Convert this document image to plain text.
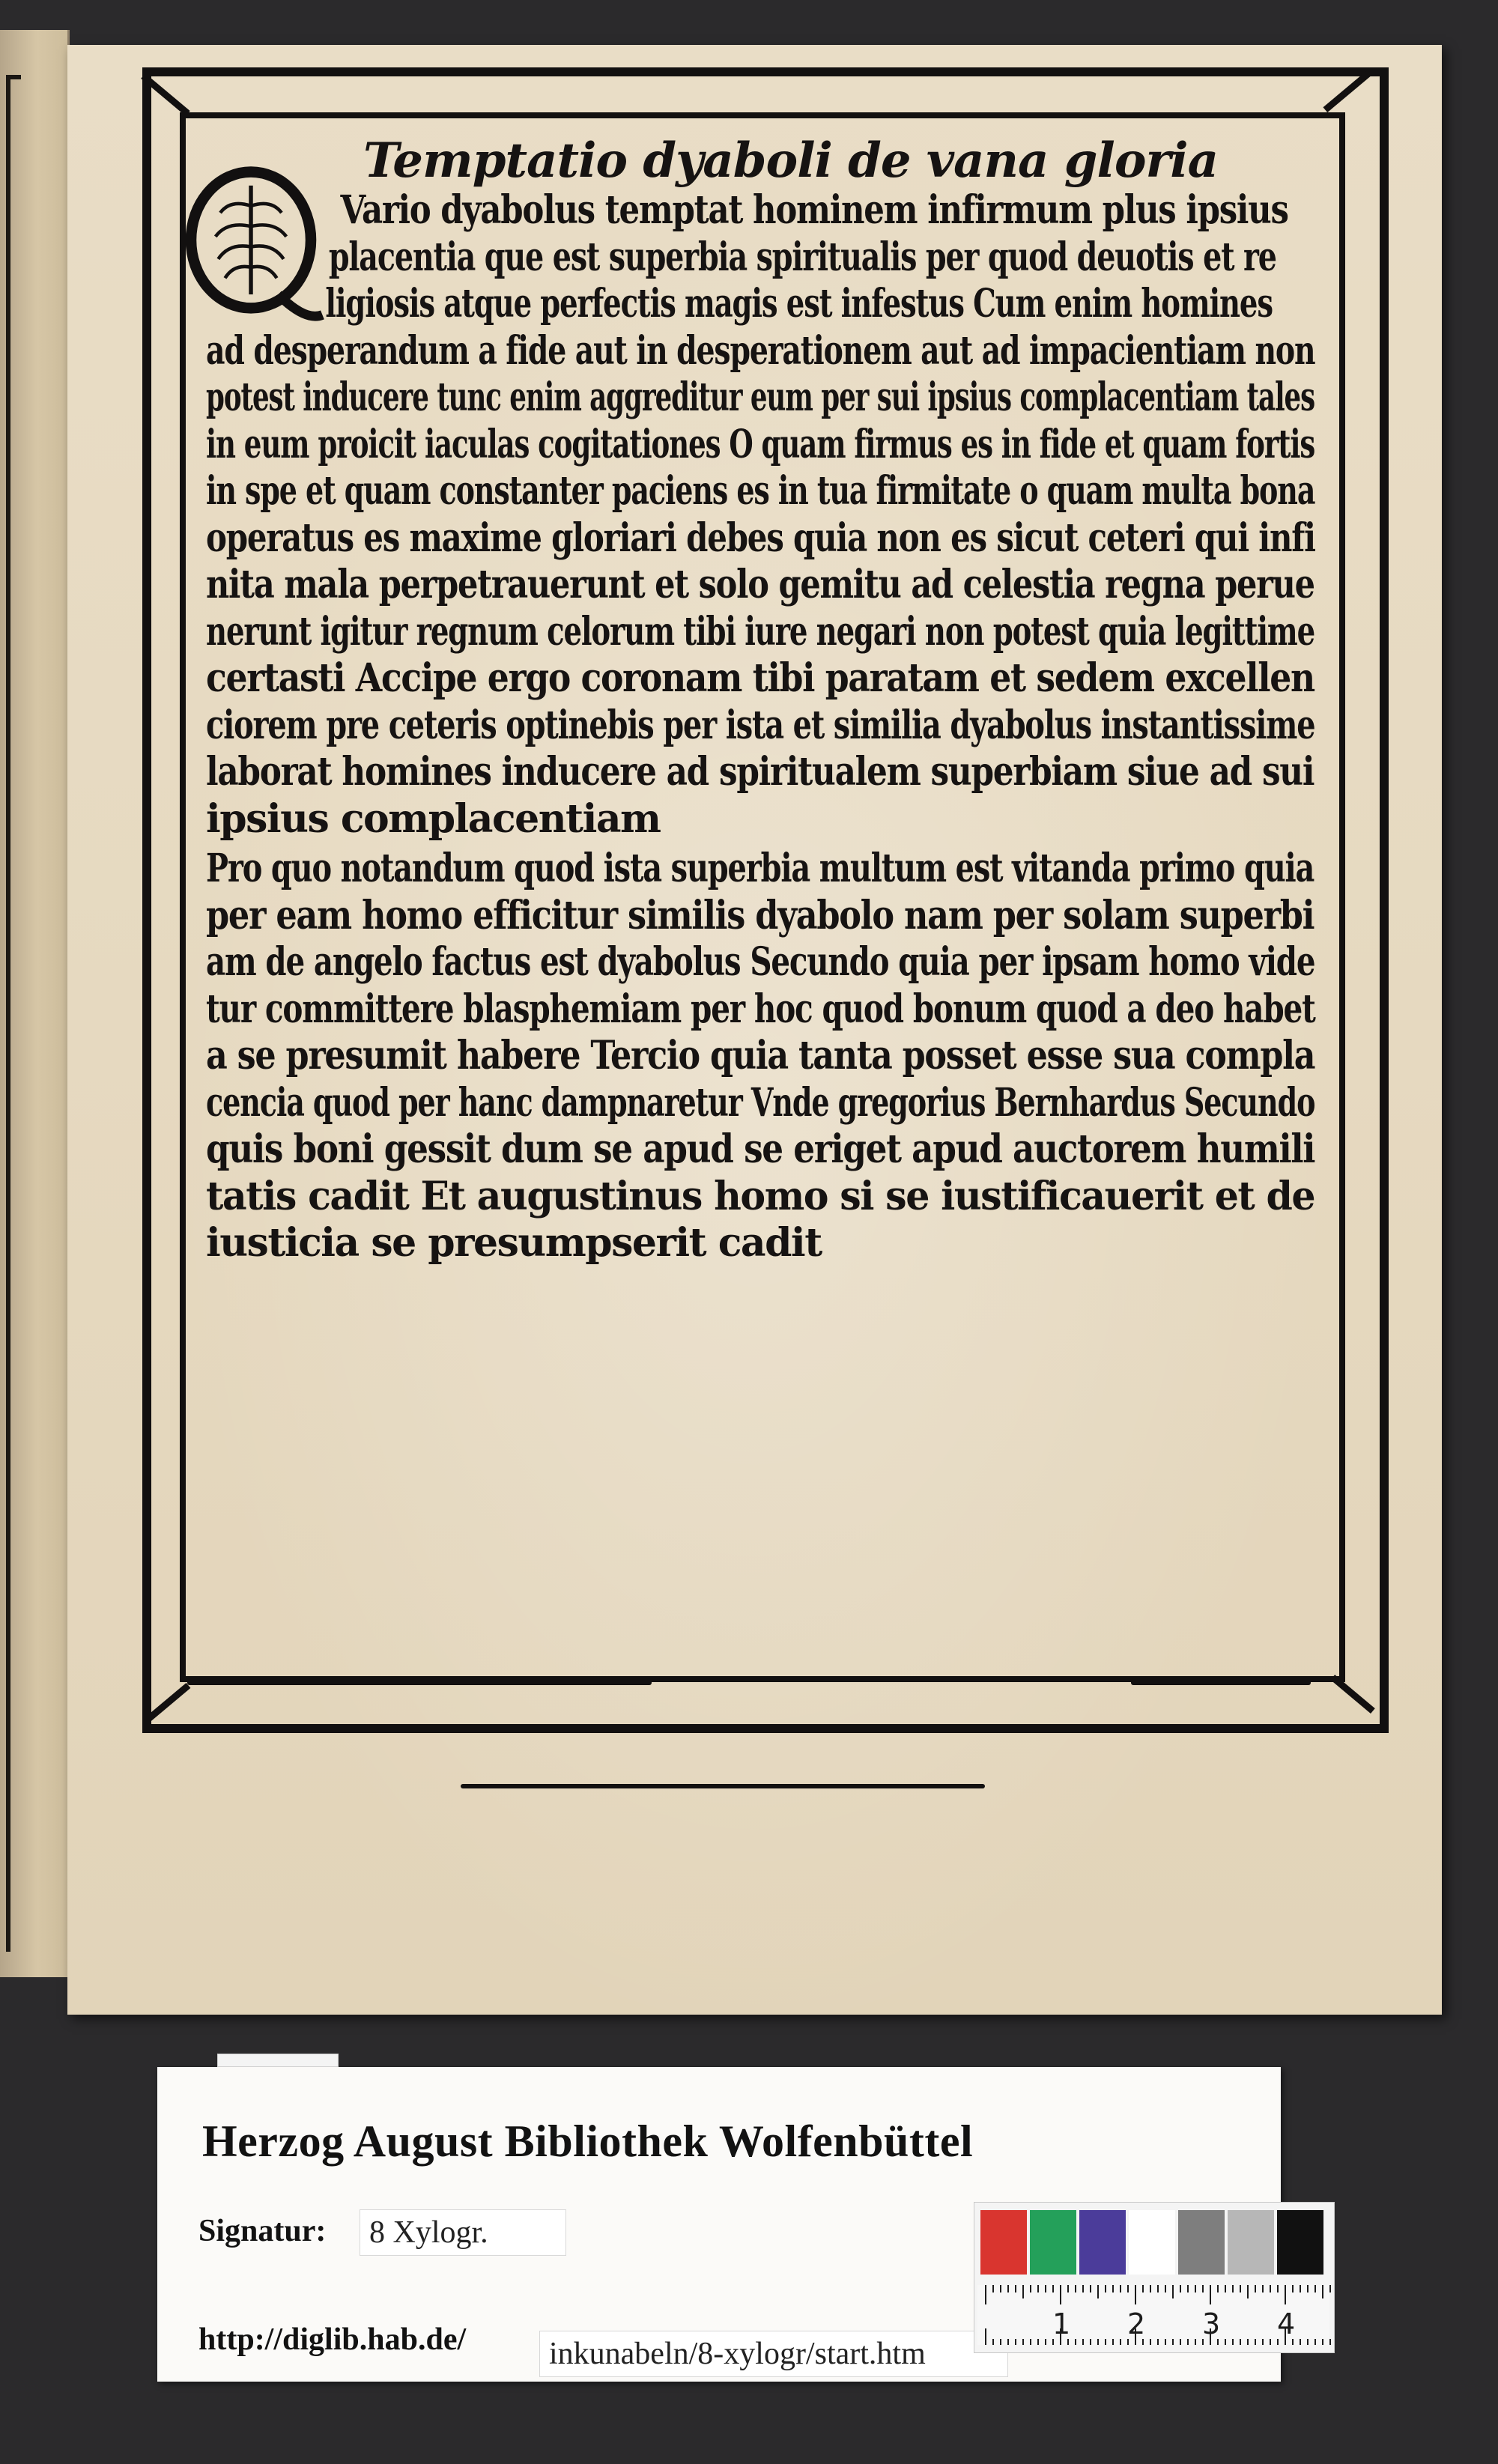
Temptatio dyaboli de vana gloria
Vario dyabolus temptat hominem infirmum plus ipsius
placentia que est superbia spiritualis per quod deuotis et re
ligiosis atque perfectis magis est infestus Cum enim homines
ad desperandum a fide aut in desperationem aut ad impacientiam non
potest inducere tunc enim aggreditur eum per sui ipsius complacentiam tales
in eum proicit iaculas cogitationes O quam firmus es in fide et quam fortis
in spe et quam constanter paciens es in tua firmitate o quam multa bona
operatus es maxime gloriari debes quia non es sicut ceteri qui infi
nita mala perpetrauerunt et solo gemitu ad celestia regna perue
nerunt igitur regnum celorum tibi iure negari non potest quia legittime
certasti Accipe ergo coronam tibi paratam et sedem excellen
ciorem pre ceteris optinebis per ista et similia dyabolus instantissime
laborat homines inducere ad spiritualem superbiam siue ad sui
ipsius complacentiam
Pro quo notandum quod ista superbia multum est vitanda primo quia
per eam homo efficitur similis dyabolo nam per solam superbi
am de angelo factus est dyabolus Secundo quia per ipsam homo vide
tur committere blasphemiam per hoc quod bonum quod a deo habet
a se presumit habere Tercio quia tanta posset esse sua compla
cencia quod per hanc dampnaretur Vnde gregorius Bernhardus Secundo
quis boni gessit dum se apud se eriget apud auctorem humili
tatis cadit Et augustinus homo si se iustificauerit et de
iusticia se presumpserit cadit
Herzog August Bibliothek Wolfenbüttel
Signatur:	8 Xylogr.
http://diglib.hab.de/	inkunabeln/8-xylogr/start.htm
1 2 3 4
